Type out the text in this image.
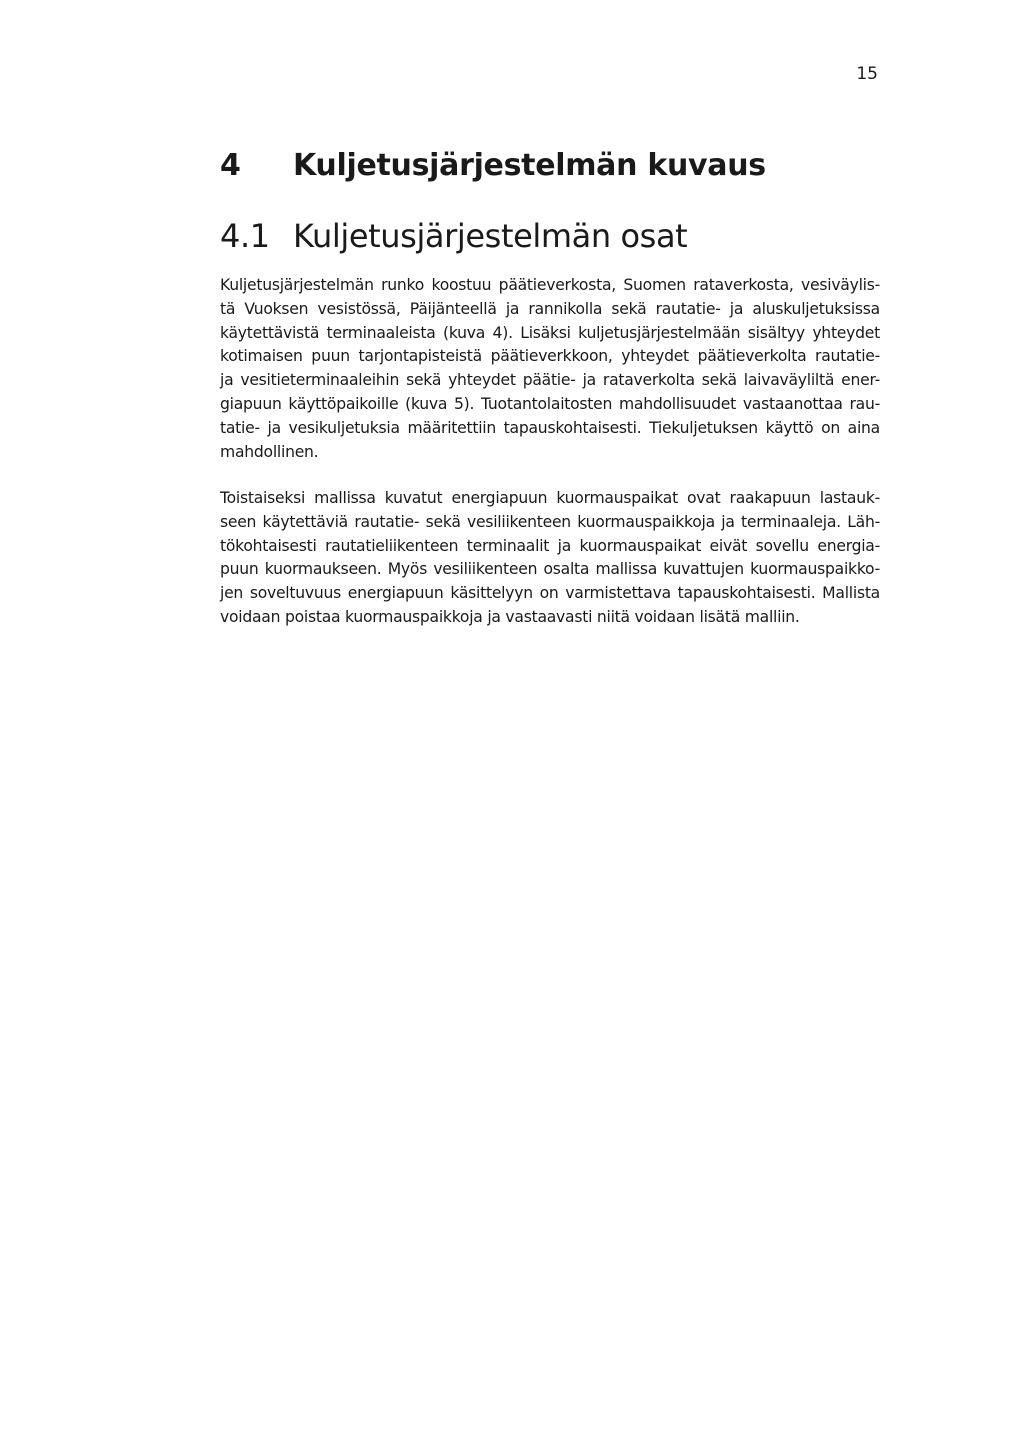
15
4	Kuljetusjärjestelmän kuvaus
4.1 Kuljetusjärjestelmän osat

Kuljetusjärjestelmän runko koostuu päätieverkosta, Suomen rataverkosta, vesiväylis-
tä Vuoksen vesistössä, Päijänteellä ja rannikolla sekä rautatie- ja aluskuljetuksissa
käytettävistä terminaaleista (kuva 4). Lisäksi kuljetusjärjestelmään sisältyy yhteydet
kotimaisen puun tarjontapisteistä päätieverkkoon, yhteydet päätieverkolta rautatie-
ja vesitieterminaaleihin sekä yhteydet päätie- ja rataverkolta sekä laivaväyliltä ener-
giapuun käyttöpaikoille (kuva 5). Tuotantolaitosten mahdollisuudet vastaanottaa rau-
tatie- ja vesikuljetuksia määritettiin tapauskohtaisesti. Tiekuljetuksen käyttö on aina
mahdollinen.

Toistaiseksi mallissa kuvatut energiapuun kuormauspaikat ovat raakapuun lastauk-
seen käytettäviä rautatie- sekä vesiliikenteen kuormauspaikkoja ja terminaaleja. Läh-
tökohtaisesti rautatieliikenteen terminaalit ja kuormauspaikat eivät sovellu energia-
puun kuormaukseen. Myös vesiliikenteen osalta mallissa kuvattujen kuormauspaikko-
jen soveltuvuus energiapuun käsittelyyn on varmistettava tapauskohtaisesti. Mallista
voidaan poistaa kuormauspaikkoja ja vastaavasti niitä voidaan lisätä malliin.
